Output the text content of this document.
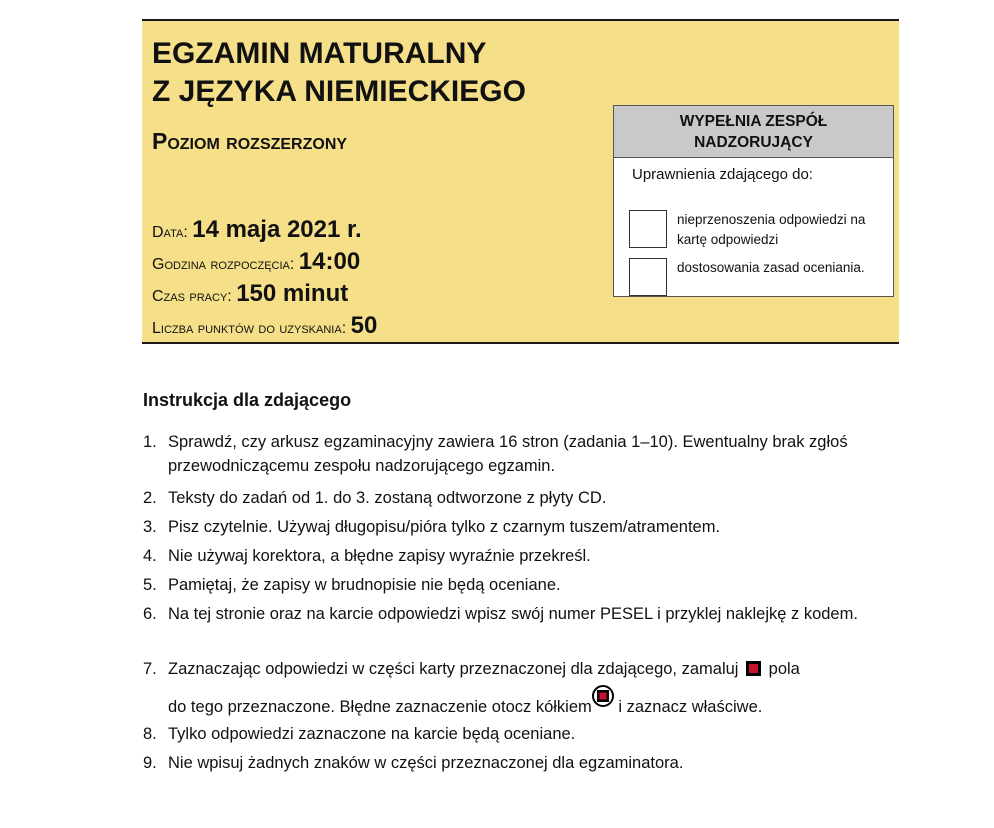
EGZAMIN MATURALNY
Z JĘZYKA NIEMIECKIEGO
Poziom rozszerzony
Data: 14 maja 2021 r.
Godzina rozpoczęcia: 14:00
Czas pracy: 150 minut
Liczba punktów do uzyskania: 50
WYPEŁNIA ZESPÓŁ
NADZORUJĄCY
Uprawnienia zdającego do:
nieprzenoszenia odpowiedzi na kartę odpowiedzi
dostosowania zasad oceniania.
Instrukcja dla zdającego
1. Sprawdź, czy arkusz egzaminacyjny zawiera 16 stron (zadania 1–10). Ewentualny brak zgłoś przewodniczącemu zespołu nadzorującego egzamin.
2. Teksty do zadań od 1. do 3. zostaną odtworzone z płyty CD.
3. Pisz czytelnie. Używaj długopisu/pióra tylko z czarnym tuszem/atramentem.
4. Nie używaj korektora, a błędne zapisy wyraźnie przekreśl.
5. Pamiętaj, że zapisy w brudnopisie nie będą oceniane.
6. Na tej stronie oraz na karcie odpowiedzi wpisz swój numer PESEL i przyklej naklejkę z kodem.
7. Zaznaczając odpowiedzi w części karty przeznaczonej dla zdającego, zamaluj pola
do tego przeznaczone. Błędne zaznaczenie otocz kółkiem i zaznacz właściwe.
8. Tylko odpowiedzi zaznaczone na karcie będą oceniane.
9. Nie wpisuj żadnych znaków w części przeznaczonej dla egzaminatora.
